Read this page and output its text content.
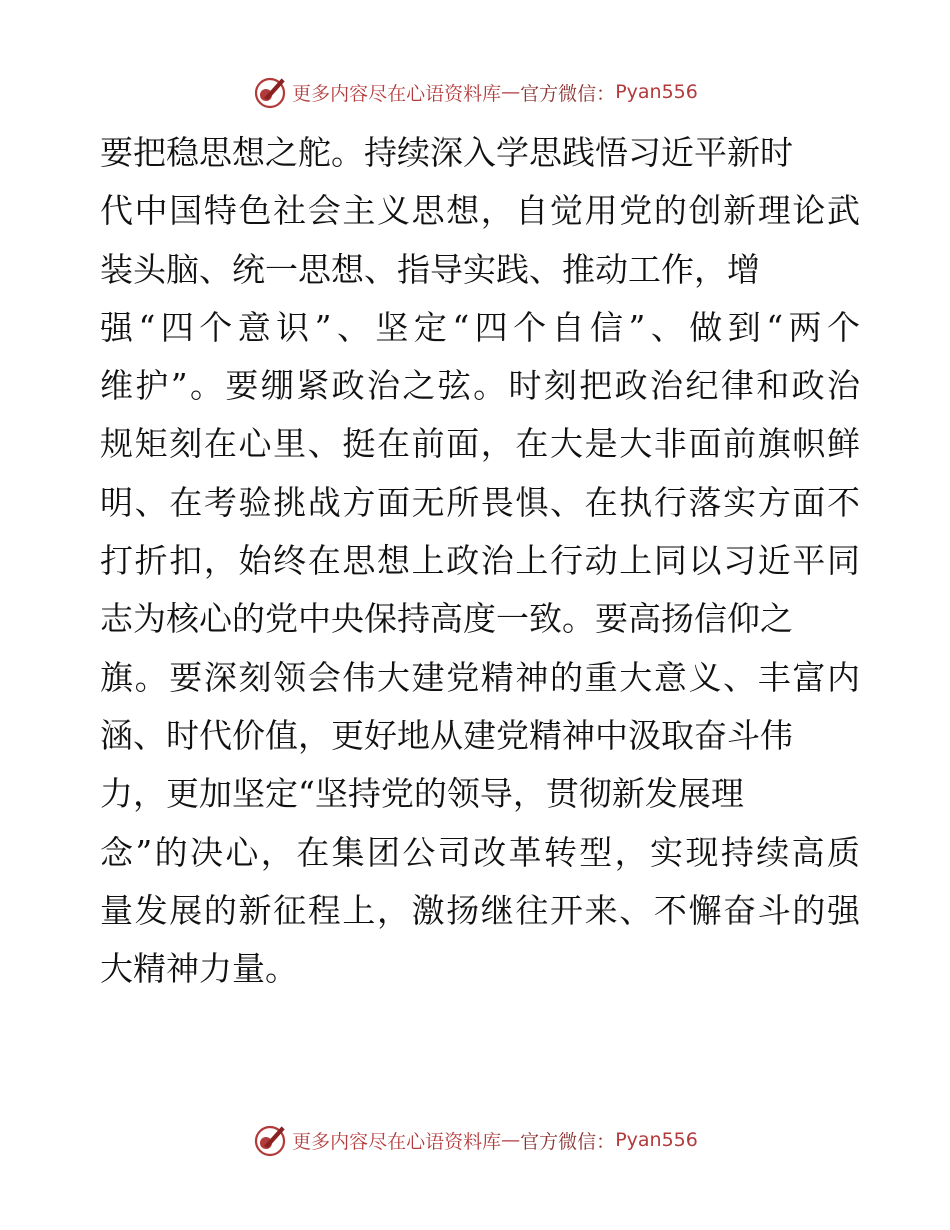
更多内容尽在心语资料库 — 官方微信： Pyan556
要把稳思想之舵。持续深入学思践悟习近平新时
代中国特色社会主义思想，自觉用党的创新理论武
装头脑、统一思想、指导实践、推动工作，增
强“四个意识”、坚定“四个自信”、做到“两个
维护”。要绷紧政治之弦。时刻把政治纪律和政治
规矩刻在心里、挺在前面，在大是大非面前旗帜鲜
明、在考验挑战方面无所畏惧、在执行落实方面不
打折扣，始终在思想上政治上行动上同以习近平同
志为核心的党中央保持高度一致。要高扬信仰之
旗。要深刻领会伟大建党精神的重大意义、丰富内
涵、时代价值，更好地从建党精神中汲取奋斗伟
力，更加坚定“坚持党的领导，贯彻新发展理
念”的决心，在集团公司改革转型，实现持续高质
量发展的新征程上，激扬继往开来、不懈奋斗的强
大精神力量。
更多内容尽在心语资料库 — 官方微信： Pyan556
